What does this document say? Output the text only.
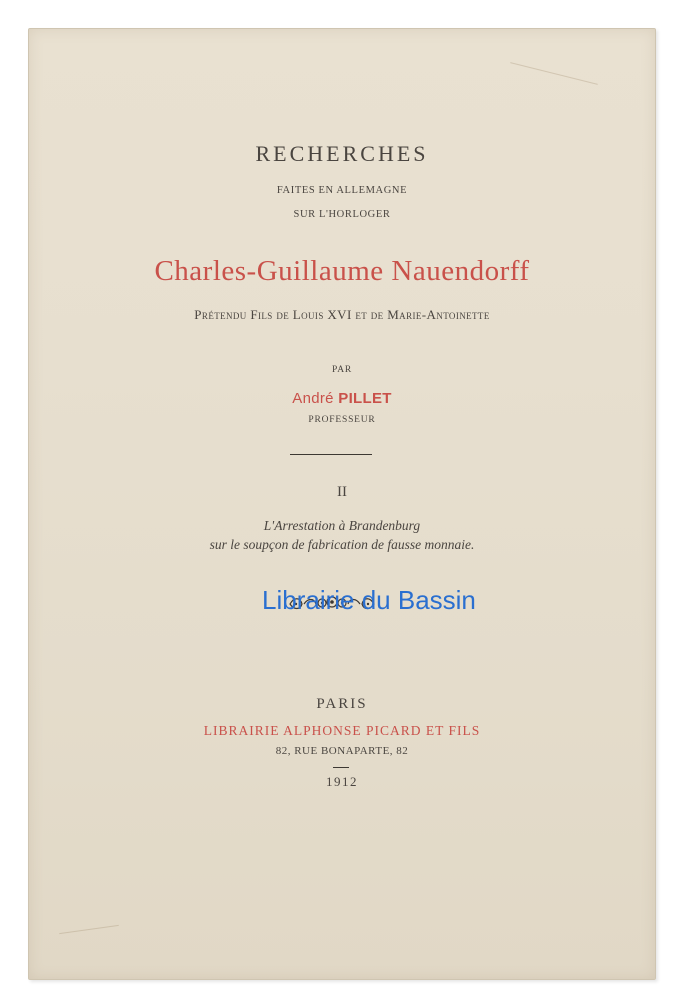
RECHERCHES
FAITES EN ALLEMAGNE
SUR L'HORLOGER
Charles-Guillaume Nauendorff
Prétendu Fils de Louis XVI et de Marie-Antoinette
PAR
André PILLET
PROFESSEUR
II
L'Arrestation à Brandenburg
sur le soupçon de fabrication de fausse monnaie.
PARIS
LIBRAIRIE ALPHONSE PICARD ET FILS
82, RUE BONAPARTE, 82
1912
Librairie du Bassin
